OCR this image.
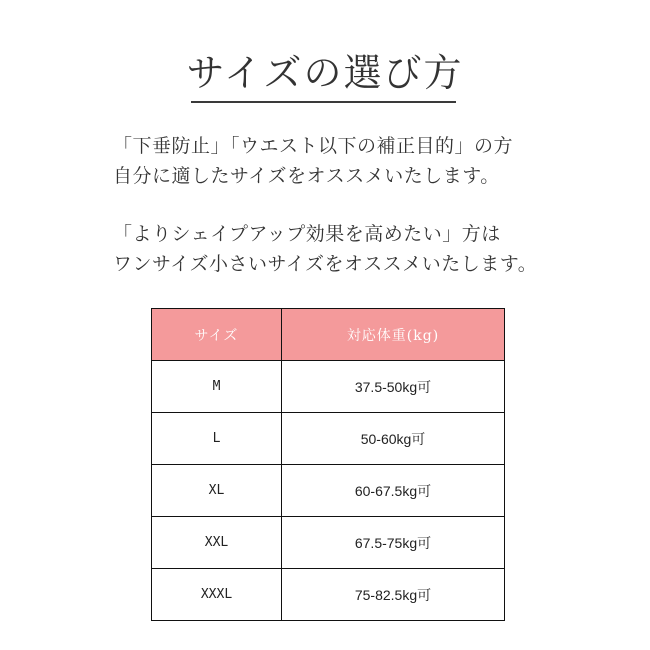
サイズの選び方
「下垂防止」「ウエスト以下の補正目的」の方
自分に適したサイズをオススメいたします。
「よりシェイプアップ効果を高めたい」方は
ワンサイズ小さいサイズをオススメいたします。
サイズ	対応体重(kg)
M	37.5-50kg可
L	50-60kg可
XL	60-67.5kg可
XXL	67.5-75kg可
XXXL	75-82.5kg可
